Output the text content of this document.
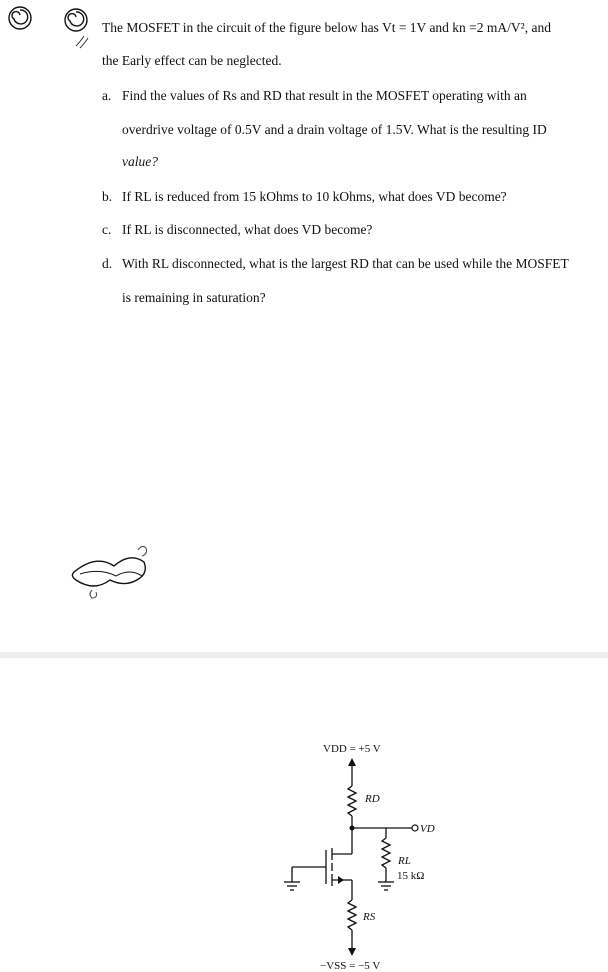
The MOSFET in the circuit of the figure below has Vt = 1V and kn =2 mA/V², and
the Early effect can be neglected.
a. Find the values of Rs and RD that result in the MOSFET operating with an
overdrive voltage of 0.5V and a drain voltage of 1.5V. What is the resulting ID
value?
b. If RL is reduced from 15 kOhms to 10 kOhms, what does VD become?
c. If RL is disconnected, what does VD become?
d. With RL disconnected, what is the largest RD that can be used while the MOSFET
is remaining in saturation?
VDD = +5 V
RD
VD
RL
15 kΩ
RS
−VSS = −5 V
